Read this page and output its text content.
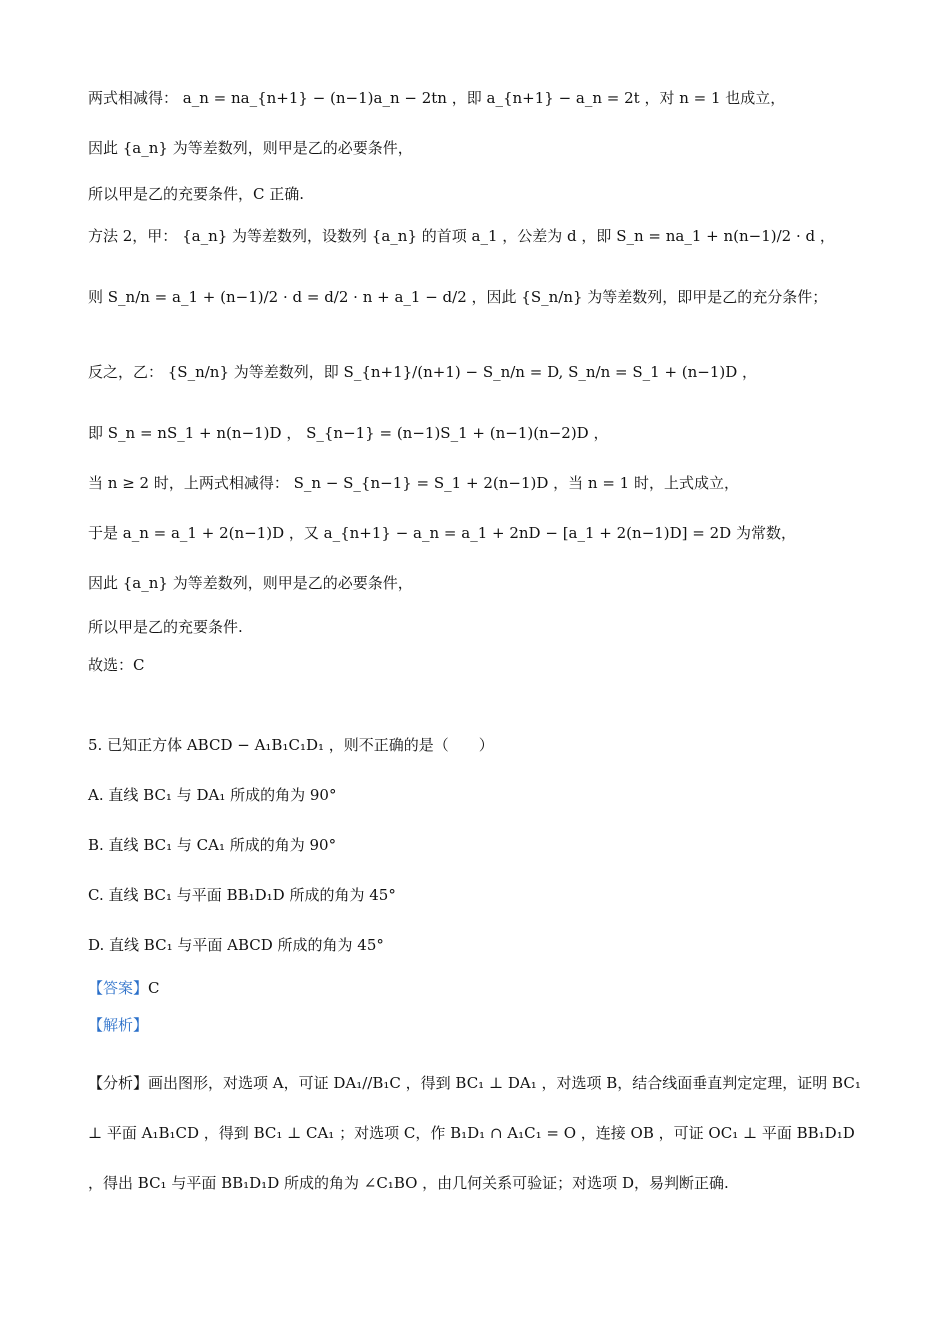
两式相减得： a_n = na_{n+1} − (n−1)a_n − 2tn ，即 a_{n+1} − a_n = 2t ，对 n = 1 也成立，
因此 {a_n} 为等差数列，则甲是乙的必要条件，
所以甲是乙的充要条件，C 正确.
方法 2，甲： {a_n} 为等差数列，设数列 {a_n} 的首项 a_1 ，公差为 d ，即 S_n = na_1 + n(n−1)/2 · d ，
则 S_n/n = a_1 + (n−1)/2 · d = d/2 · n + a_1 − d/2 ，因此 {S_n/n} 为等差数列，即甲是乙的充分条件；
反之，乙： {S_n/n} 为等差数列，即 S_{n+1}/(n+1) − S_n/n = D, S_n/n = S_1 + (n−1)D ，
即 S_n = nS_1 + n(n−1)D ， S_{n−1} = (n−1)S_1 + (n−1)(n−2)D ，
当 n ≥ 2 时，上两式相减得： S_n − S_{n−1} = S_1 + 2(n−1)D ，当 n = 1 时，上式成立，
于是 a_n = a_1 + 2(n−1)D ，又 a_{n+1} − a_n = a_1 + 2nD − [a_1 + 2(n−1)D] = 2D 为常数，
因此 {a_n} 为等差数列，则甲是乙的必要条件，
所以甲是乙的充要条件.
故选：C
5. 已知正方体 ABCD − A₁B₁C₁D₁ ，则不正确的是（　　）
A. 直线 BC₁ 与 DA₁ 所成的角为 90°
B. 直线 BC₁ 与 CA₁ 所成的角为 90°
C. 直线 BC₁ 与平面 BB₁D₁D 所成的角为 45°
D. 直线 BC₁ 与平面 ABCD 所成的角为 45°
【答案】C
【解析】
【分析】画出图形，对选项 A，可证 DA₁//B₁C ，得到 BC₁ ⊥ DA₁ ，对选项 B，结合线面垂直判定定理，证明 BC₁ ⊥ 平面 A₁B₁CD ，得到 BC₁ ⊥ CA₁ ；对选项 C，作 B₁D₁ ∩ A₁C₁ = O ，连接 OB ，可证 OC₁ ⊥ 平面 BB₁D₁D ，得出 BC₁ 与平面 BB₁D₁D 所成的角为 ∠C₁BO ，由几何关系可验证；对选项 D，易判断正确.
